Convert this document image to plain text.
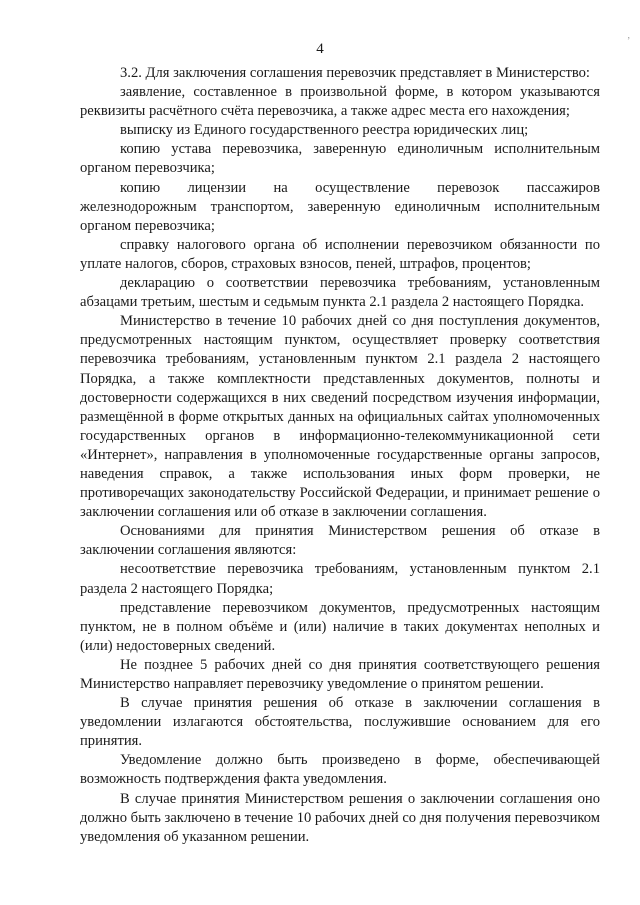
,
4

3.2. Для заключения соглашения перевозчик представляет в Министерство:

заявление, составленное в произвольной форме, в котором указываются реквизиты расчётного счёта перевозчика, а также адрес места его нахождения;

выписку из Единого государственного реестра юридических лиц;

копию устава перевозчика, заверенную единоличным исполнительным органом перевозчика;

копию лицензии на осуществление перевозок пассажиров железнодорожным транспортом, заверенную единоличным исполнительным органом перевозчика;

справку налогового органа об исполнении перевозчиком обязанности по уплате налогов, сборов, страховых взносов, пеней, штрафов, процентов;

декларацию о соответствии перевозчика требованиям, установленным абзацами третьим, шестым и седьмым пункта 2.1 раздела 2 настоящего Порядка.

Министерство в течение 10 рабочих дней со дня поступления документов, предусмотренных настоящим пунктом, осуществляет проверку соответствия перевозчика требованиям, установленным пунктом 2.1 раздела 2 настоящего Порядка, а также комплектности представленных документов, полноты и достоверности содержащихся в них сведений посредством изучения информации, размещённой в форме открытых данных на официальных сайтах уполномоченных государственных органов в информационно-телекоммуникационной сети «Интернет», направления в уполномоченные государственные органы запросов, наведения справок, а также использования иных форм проверки, не противоречащих законодательству Российской Федерации, и принимает решение о заключении соглашения или об отказе в заключении соглашения.

Основаниями для принятия Министерством решения об отказе в заключении соглашения являются:

несоответствие перевозчика требованиям, установленным пунктом 2.1 раздела 2 настоящего Порядка;

представление перевозчиком документов, предусмотренных настоящим пунктом, не в полном объёме и (или) наличие в таких документах неполных и (или) недостоверных сведений.

Не позднее 5 рабочих дней со дня принятия соответствующего решения Министерство направляет перевозчику уведомление о принятом решении.

В случае принятия решения об отказе в заключении соглашения в уведомлении излагаются обстоятельства, послужившие основанием для его принятия.

Уведомление должно быть произведено в форме, обеспечивающей возможность подтверждения факта уведомления.

В случае принятия Министерством решения о заключении соглашения оно должно быть заключено в течение 10 рабочих дней со дня получения перевозчиком уведомления об указанном решении.
